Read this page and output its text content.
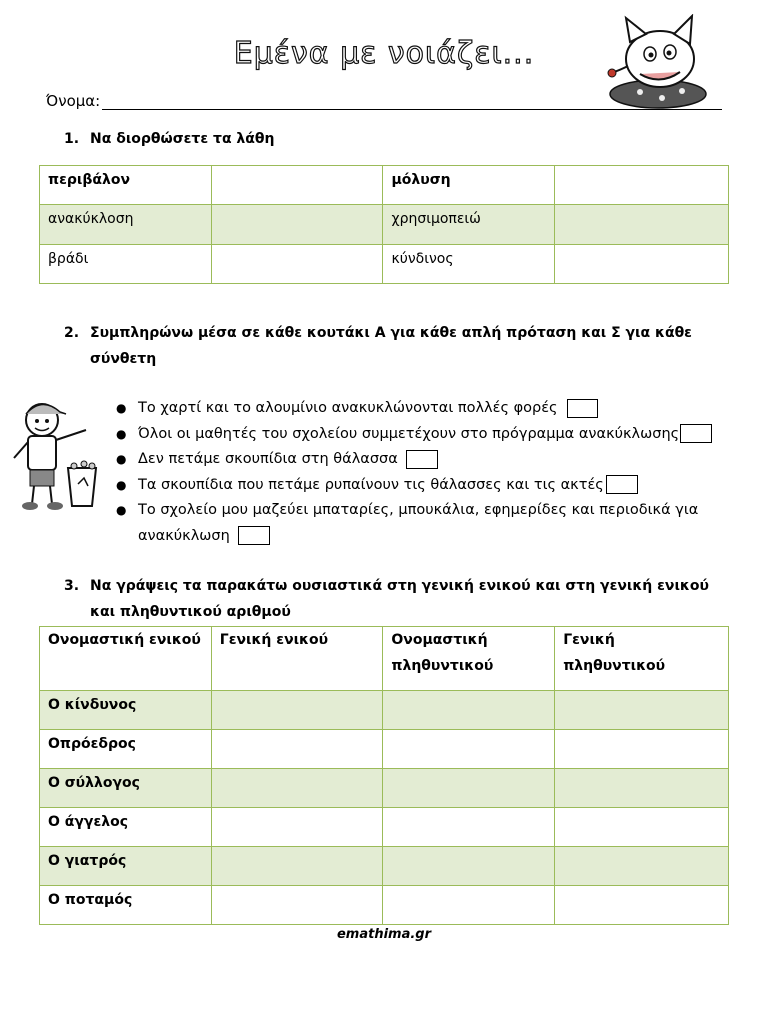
Εμένα με νοιάζει...
Όνομα:
1. Να διορθώσετε τα λάθη
περιβάλον		μόλυση	
ανακύκλοση		χρησιμοπειώ	
βράδι		κύνδινος	
2. Συμπληρώνω μέσα σε κάθε κουτάκι Α για κάθε απλή πρόταση και Σ για κάθε
σύνθετη
● Το χαρτί και το αλουμίνιο ανακυκλώνονται πολλές φορές
● Όλοι οι μαθητές του σχολείου συμμετέχουν στο πρόγραμμα ανακύκλωσης
● Δεν πετάμε σκουπίδια στη θάλασσα
● Τα σκουπίδια που πετάμε ρυπαίνουν τις θάλασσες και τις ακτές
● Το σχολείο μου μαζεύει μπαταρίες, μπουκάλια, εφημερίδες και περιοδικά για ανακύκλωση
3. Να γράψεις τα παρακάτω ουσιαστικά στη γενική ενικού και στη γενική ενικού
και πληθυντικού αριθμού
Ονομαστική ενικού	Γενική ενικού	Ονομαστική πληθυντικού	Γενική πληθυντικού
Ο κίνδυνος			
Οπρόεδρος			
Ο σύλλογος			
Ο άγγελος			
Ο γιατρός			
Ο ποταμός			
emathima.gr
